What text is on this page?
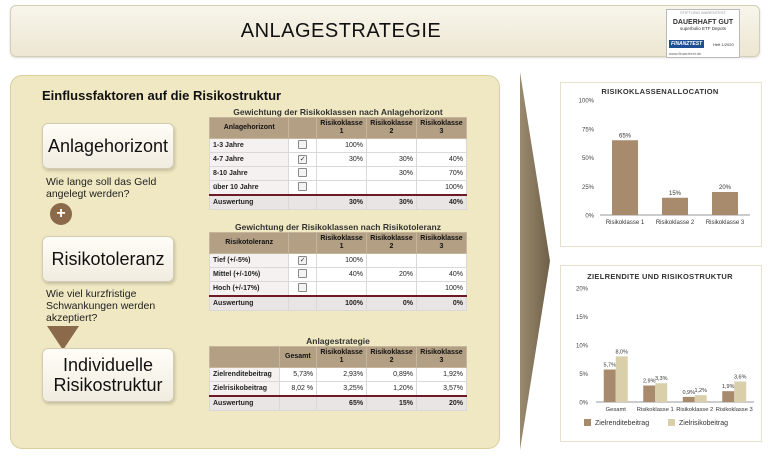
ANLAGESTRATEGIE
STIFTUNG WARENTEST
DAUERHAFT GUT
superbolio ETF Depots
FINANZTEST	Heft 1/2020
www.finanztest.de
Einflussfaktoren auf die Risikostruktur
Anlagehorizont
Wie lange soll das Geld angelegt werden?
+
Risikotoleranz
Wie viel kurzfristige Schwankungen werden akzeptiert?
Individuelle Risikostruktur
Gewichtung der Risikoklassen nach Anlagehorizont
Anlagehorizont		Risikoklasse 1	Risikoklasse 2	Risikoklasse 3
1-3 Jahre		100%		
4-7 Jahre	✓	30%	30%	40%
8-10 Jahre			30%	70%
über 10 Jahre				100%
Auswertung		30%	30%	40%
Gewichtung der Risikoklassen nach Risikotoleranz
Risikotoleranz		Risikoklasse 1	Risikoklasse 2	Risikoklasse 3
Tief (+/-5%)	✓	100%		
Mittel (+/-10%)		40%	20%	40%
Hoch (+/-17%)				100%
Auswertung		100%	0%	0%
Anlagestrategie
	Gesamt	Risikoklasse 1	Risikoklasse 2	Risikoklasse 3
Zielrenditebeitrag	5,73%	2,93%	0,89%	1,92%
Zielrisikobeitrag	8,02 %	3,25%	1,20%	3,57%
Auswertung		65%	15%	20%
RISIKOKLASSENALLOCATION
0%
25%
50%
75%
100%
65%
Risikoklasse 1
15%
Risikoklasse 2
20%
Risikoklasse 3
ZIELRENDITE UND RISIKOSTRUKTUR
0%
5%
10%
15%
20%
5,7%
8,0%
Gesamt
2,9% 3,3%
Risikoklasse 1
0,9% 1,2%
Risikoklasse 2
1,9%
3,6%
Risikoklasse 3
Zielrenditebeitrag	Zielrisikobeitrag
